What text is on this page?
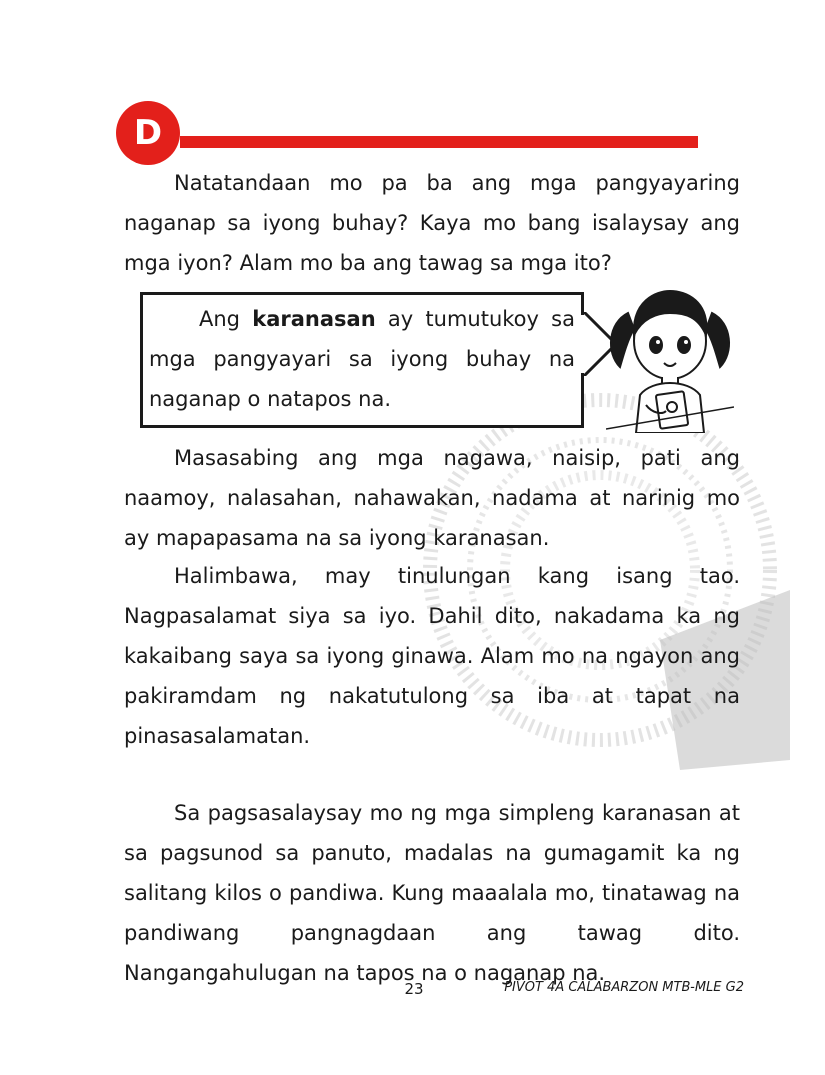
D

Natatandaan mo pa ba ang mga pangyayaring naganap sa iyong buhay? Kaya mo bang isalaysay ang mga iyon? Alam mo ba ang tawag sa mga ito?

Ang karanasan ay tumutukoy sa mga pangyayari sa iyong buhay na naganap o natapos na.

Masasabing ang mga nagawa, naisip, pati ang naamoy, nalasahan, nahawakan, nadama at narinig mo ay mapapasama na sa iyong karanasan.

Halimbawa, may tinulungan kang isang tao. Nagpasalamat siya sa iyo. Dahil dito, nakadama ka ng kakaibang saya sa iyong ginawa. Alam mo na ngayon ang pakiramdam ng nakatutulong sa iba at tapat na pinasasalamatan.

Sa pagsasalaysay mo ng mga simpleng karanasan at sa pagsunod sa panuto, madalas na gumagamit ka ng salitang kilos o pandiwa. Kung maaalala mo, tinatawag na pandiwang pangnagdaan ang tawag dito. Nangangahulugan na tapos na o naganap na.

23	PIVOT 4A CALABARZON MTB-MLE G2
